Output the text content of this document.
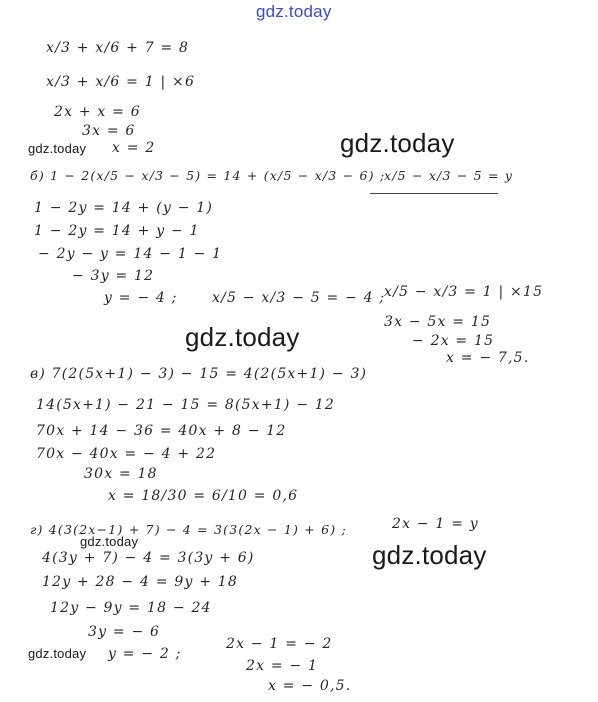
gdz.today
gdz.today
gdz.today
gdz.today
gdz.today
gdz.today
gdz.today
x/3 + x/6 + 7 = 8
x/3 + x/6 = 1 | ×6
2x + x = 6
3x = 6
x = 2
б) 1 − 2(x/5 − x/3 − 5) = 14 + (x/5 − x/3 − 6) ;
x/5 − x/3 − 5 = y
1 − 2y = 14 + (y − 1)
1 − 2y = 14 + y − 1
− 2y − y = 14 − 1 − 1
− 3y = 12
y = − 4 ; x/5 − x/3 − 5 = − 4 ;
x/5 − x/3 = 1 | ×15
3x − 5x = 15
− 2x = 15
x = − 7,5.
в) 7(2(5x+1) − 3) − 15 = 4(2(5x+1) − 3)
14(5x+1) − 21 − 15 = 8(5x+1) − 12
70x + 14 − 36 = 40x + 8 − 12
70x − 40x = − 4 + 22
30x = 18
x = 18/30 = 6/10 = 0,6
г) 4(3(2x−1) + 7) − 4 = 3(3(2x − 1) + 6) ;	2x − 1 = y
4(3y + 7) − 4 = 3(3y + 6)
12y + 28 − 4 = 9y + 18
12y − 9y = 18 − 24
3y = − 6
y = − 2 ;
2x − 1 = − 2
2x = − 1
x = − 0,5.
